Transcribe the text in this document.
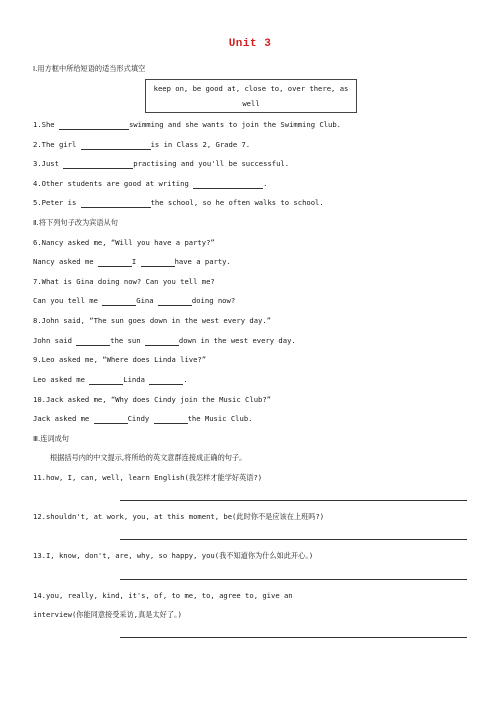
Unit 3
Ⅰ.用方框中所给短语的适当形式填空
keep on, be good at, close to, over there, as
well
1.She	swimming and she wants to join the Swimming Club.
2.The girl	is in Class 2, Grade 7.
3.Just	practising and you'll be successful.
4.Other students are good at writing	.
5.Peter is	the school, so he often walks to school.
Ⅱ.将下列句子改为宾语从句
6.Nancy asked me, “Will you have a party?”
Nancy asked me	I	have a party.
7.What is Gina doing now? Can you tell me?
Can you tell me	Gina	doing now?
8.John said, “The sun goes down in the west every day.”
John said	the sun	down in the west every day.
9.Leo asked me, “Where does Linda live?”
Leo asked me	Linda	.
10.Jack asked me, “Why does Cindy join the Music Club?”
Jack asked me	Cindy	the Music Club.
Ⅲ.连词成句
根据括号内的中文提示,将所给的英文意群连接成正确的句子。
11.how, I, can, well, learn English(我怎样才能学好英语?)
12.shouldn't, at work, you, at this moment, be(此时你不是应该在上班吗?)
13.I, know, don't, are, why, so happy, you(我不知道你为什么如此开心。)
14.you, really, kind, it's, of, to me, to, agree to, give an
interview(你能同意接受采访,真是太好了。)
